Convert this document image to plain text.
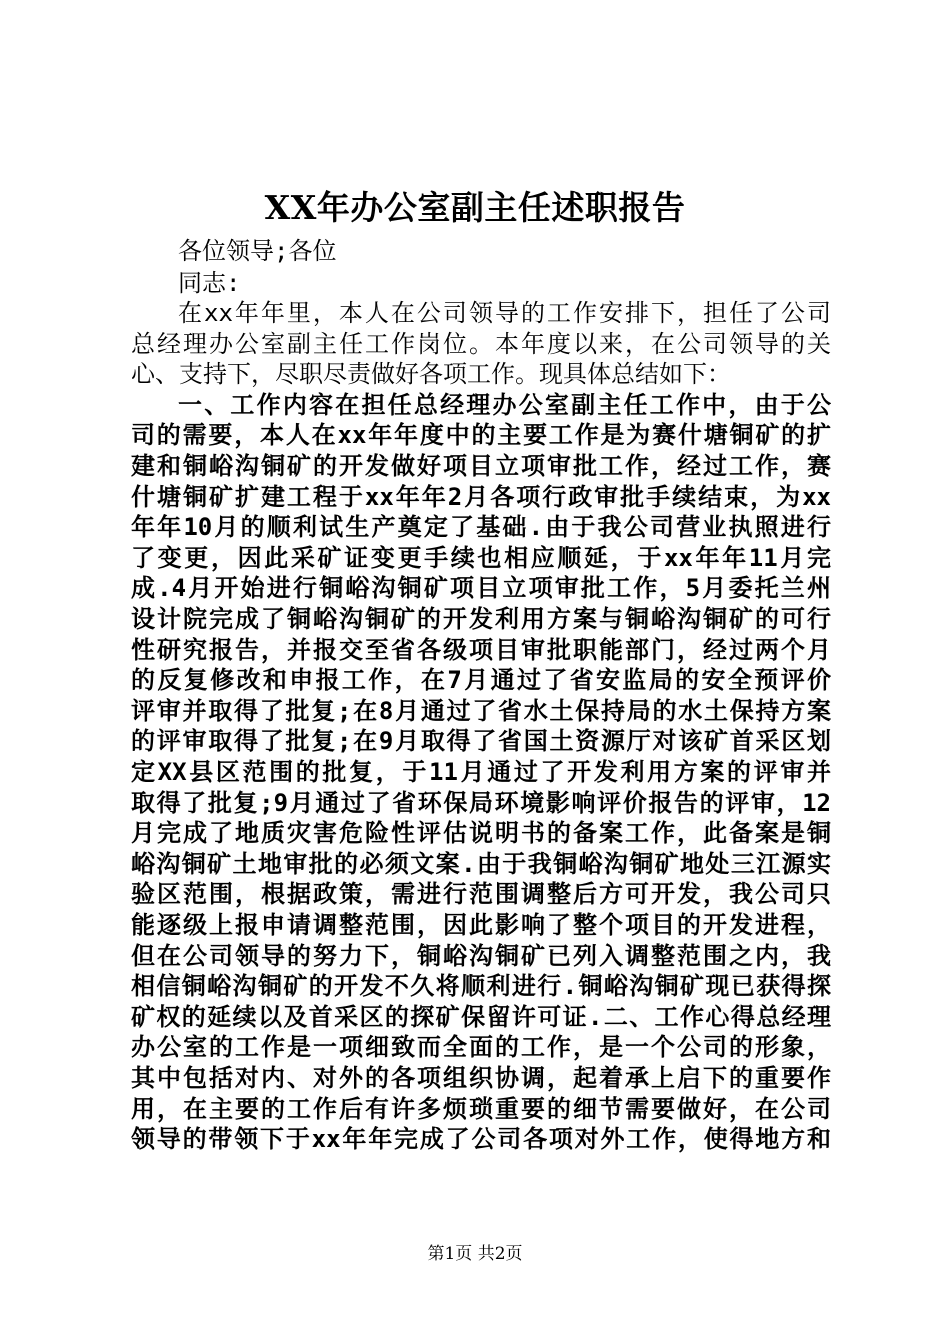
XX年办公室副主任述职报告
各位领导;各位
同志:
在xx年年里，本人在公司领导的工作安排下，担任了公司
总经理办公室副主任工作岗位。本年度以来，在公司领导的关
心、支持下，尽职尽责做好各项工作。现具体总结如下：
一、工作内容在担任总经理办公室副主任工作中，由于公
司的需要，本人在xx年年度中的主要工作是为赛什塘铜矿的扩
建和铜峪沟铜矿的开发做好项目立项审批工作，经过工作，赛
什塘铜矿扩建工程于xx年年2月各项行政审批手续结束，为xx
年年10月的顺利试生产奠定了基础.由于我公司营业执照进行
了变更，因此采矿证变更手续也相应顺延，于xx年年11月完
成.4月开始进行铜峪沟铜矿项目立项审批工作，5月委托兰州
设计院完成了铜峪沟铜矿的开发利用方案与铜峪沟铜矿的可行
性研究报告，并报交至省各级项目审批职能部门，经过两个月
的反复修改和申报工作，在7月通过了省安监局的安全预评价
评审并取得了批复;在8月通过了省水土保持局的水土保持方案
的评审取得了批复;在9月取得了省国土资源厅对该矿首采区划
定XX县区范围的批复，于11月通过了开发利用方案的评审并
取得了批复;9月通过了省环保局环境影响评价报告的评审，12
月完成了地质灾害危险性评估说明书的备案工作，此备案是铜
峪沟铜矿土地审批的必须文案.由于我铜峪沟铜矿地处三江源实
验区范围，根据政策，需进行范围调整后方可开发，我公司只
能逐级上报申请调整范围，因此影响了整个项目的开发进程，
但在公司领导的努力下，铜峪沟铜矿已列入调整范围之内，我
相信铜峪沟铜矿的开发不久将顺利进行.铜峪沟铜矿现已获得探
矿权的延续以及首采区的探矿保留许可证.二、工作心得总经理
办公室的工作是一项细致而全面的工作，是一个公司的形象，
其中包括对内、对外的各项组织协调，起着承上启下的重要作
用，在主要的工作后有许多烦琐重要的细节需要做好，在公司
领导的带领下于xx年年完成了公司各项对外工作，使得地方和
第1页 共2页
